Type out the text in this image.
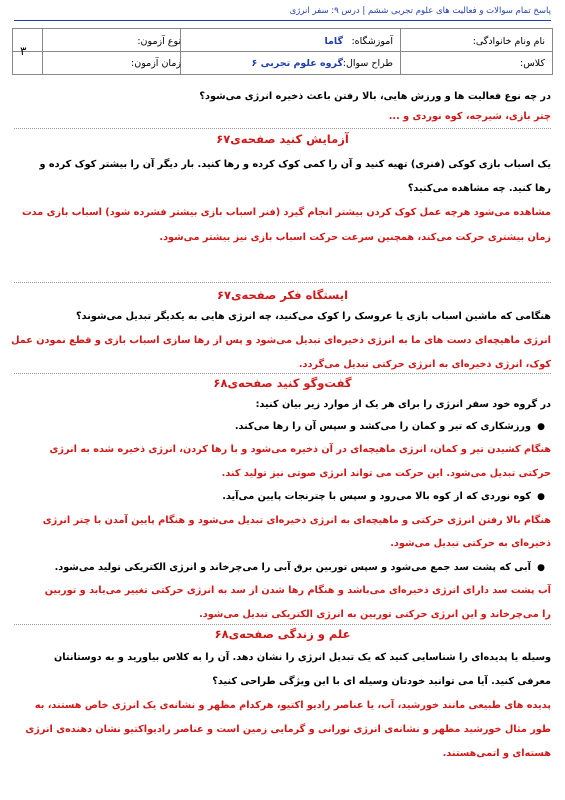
پاسخ تمام سوالات و فعالیت های علوم تجربی ششم | درس ۹: سفر انرژی
نام ونام خانوادگی:
کلاس:
آموزشگاه:
گاما
طراح سوال:
گروه علوم تجربی ۶
نوع آزمون:
زمان آزمون:
۳
در چه نوع فعالیت ها و ورزش هایی، بالا رفتن باعث ذخیره انرژی می‌شود؟
چتر بازی، شیرجه، کوه نوردی و ...
آزمایش کنید صفحه‌ی۶۷
یک اسباب بازی کوکی (فنری) تهیه کنید و آن را کمی کوک کرده و رها کنید. بار دیگر آن را بیشتر کوک کرده و
رها کنید. چه مشاهده می‌کنید؟
مشاهده می‌شود هرچه عمل کوک کردن بیشتر انجام گیرد (فنر اسباب بازی بیشتر فشرده شود) اسباب بازی مدت
زمان بیشتری حرکت می‌کند، همچنین سرعت حرکت اسباب بازی نیز بیشتر می‌شود.
ایستگاه فکر صفحه‌ی۶۷
هنگامی که ماشین اسباب بازی یا عروسک را کوک می‌کنید، چه انرژی هایی به یکدیگر تبدیل می‌شوند؟
انرژی ماهیچه‌ای دست های ما به انرژی ذخیره‌ای تبدیل می‌شود و پس از رها سازی اسباب بازی و قطع نمودن عمل
کوک، انرژی ذخیره‌ای به انرژی حرکتی تبدیل می‌گردد.
گفت‌وگو کنید صفحه‌ی۶۸
در گروه خود سفر انرژی را برای هر یک از موارد زیر بیان کنید:
●
ورزشکاری که تیر و کمان را می‌کشد و سپس آن را رها می‌کند.
هنگام کشیدن تیر و کمان، انرژی ماهیچه‌ای در آن ذخیره می‌شود و با رها کردن، انرژی ذخیره شده به انرژی
حرکتی تبدیل می‌شود. این حرکت می تواند انرژی صوتی نیز تولید کند.
●
کوه نوردی که از کوه بالا می‌رود و سپس با چترنجات پایین می‌آید.
هنگام بالا رفتن انرژی حرکتی و ماهیچه‌ای به انرژی ذخیره‌ای تبدیل می‌شود و هنگام پایین آمدن با چتر انرژی
ذخیره‌ای به حرکتی تبدیل می‌شود.
●
آبی که پشت سد جمع می‌شود و سپس توربین برق آبی را می‌چرخاند و انرژی الکتریکی تولید می‌شود.
آب پشت سد دارای انرژی ذخیره‌ای می‌باشد و هنگام رها شدن از سد به انرژی حرکتی تغییر می‌یابد و توربین
را می‌چرخاند و این انرژی حرکتی توربین به انرژی الکتریکی تبدیل می‌شود.
علم و زندگی صفحه‌ی۶۸
وسیله یا پدیده‌ای را شناسایی کنید که یک تبدیل انرژی را نشان دهد. آن را به کلاس بیاورید و به دوستانتان
معرفی کنید. آیا می توانید خودتان وسیله ای با این ویژگی طراحی کنید؟
پدیده های طبیعی مانند خورشید، آب، یا عناصر رادیو اکتیو، هرکدام مظهر و نشانه‌ی یک انرژی خاص هستند، به
طور مثال خورشید مظهر و نشانه‌ی انرژی نورانی و گرمایی زمین است و عناصر رادیواکتیو نشان دهنده‌ی انرژی
هسته‌ای و اتمی‌هستند.
